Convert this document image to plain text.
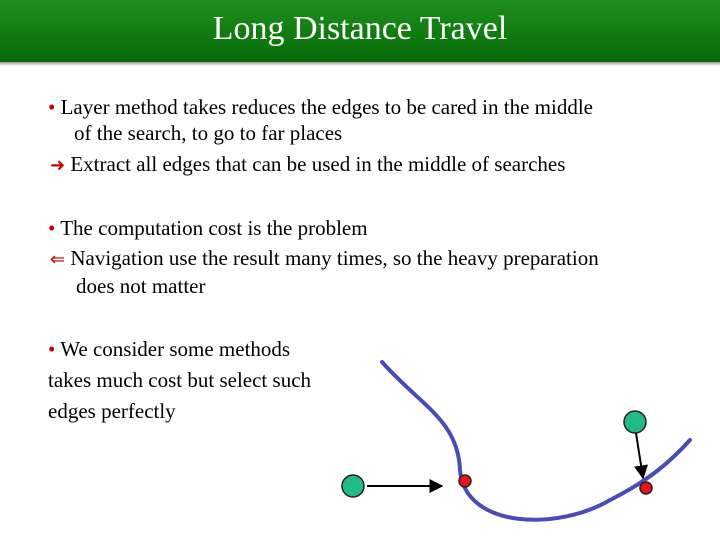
Long Distance Travel
• Layer method takes reduces the edges to be cared in the middle
of the search, to go to far places
➜ Extract all edges that can be used in the middle of searches
• The computation cost is the problem
⇐ Navigation use the result many times, so the heavy preparation
does not matter
• We consider some methods
takes much cost but select such
edges perfectly
